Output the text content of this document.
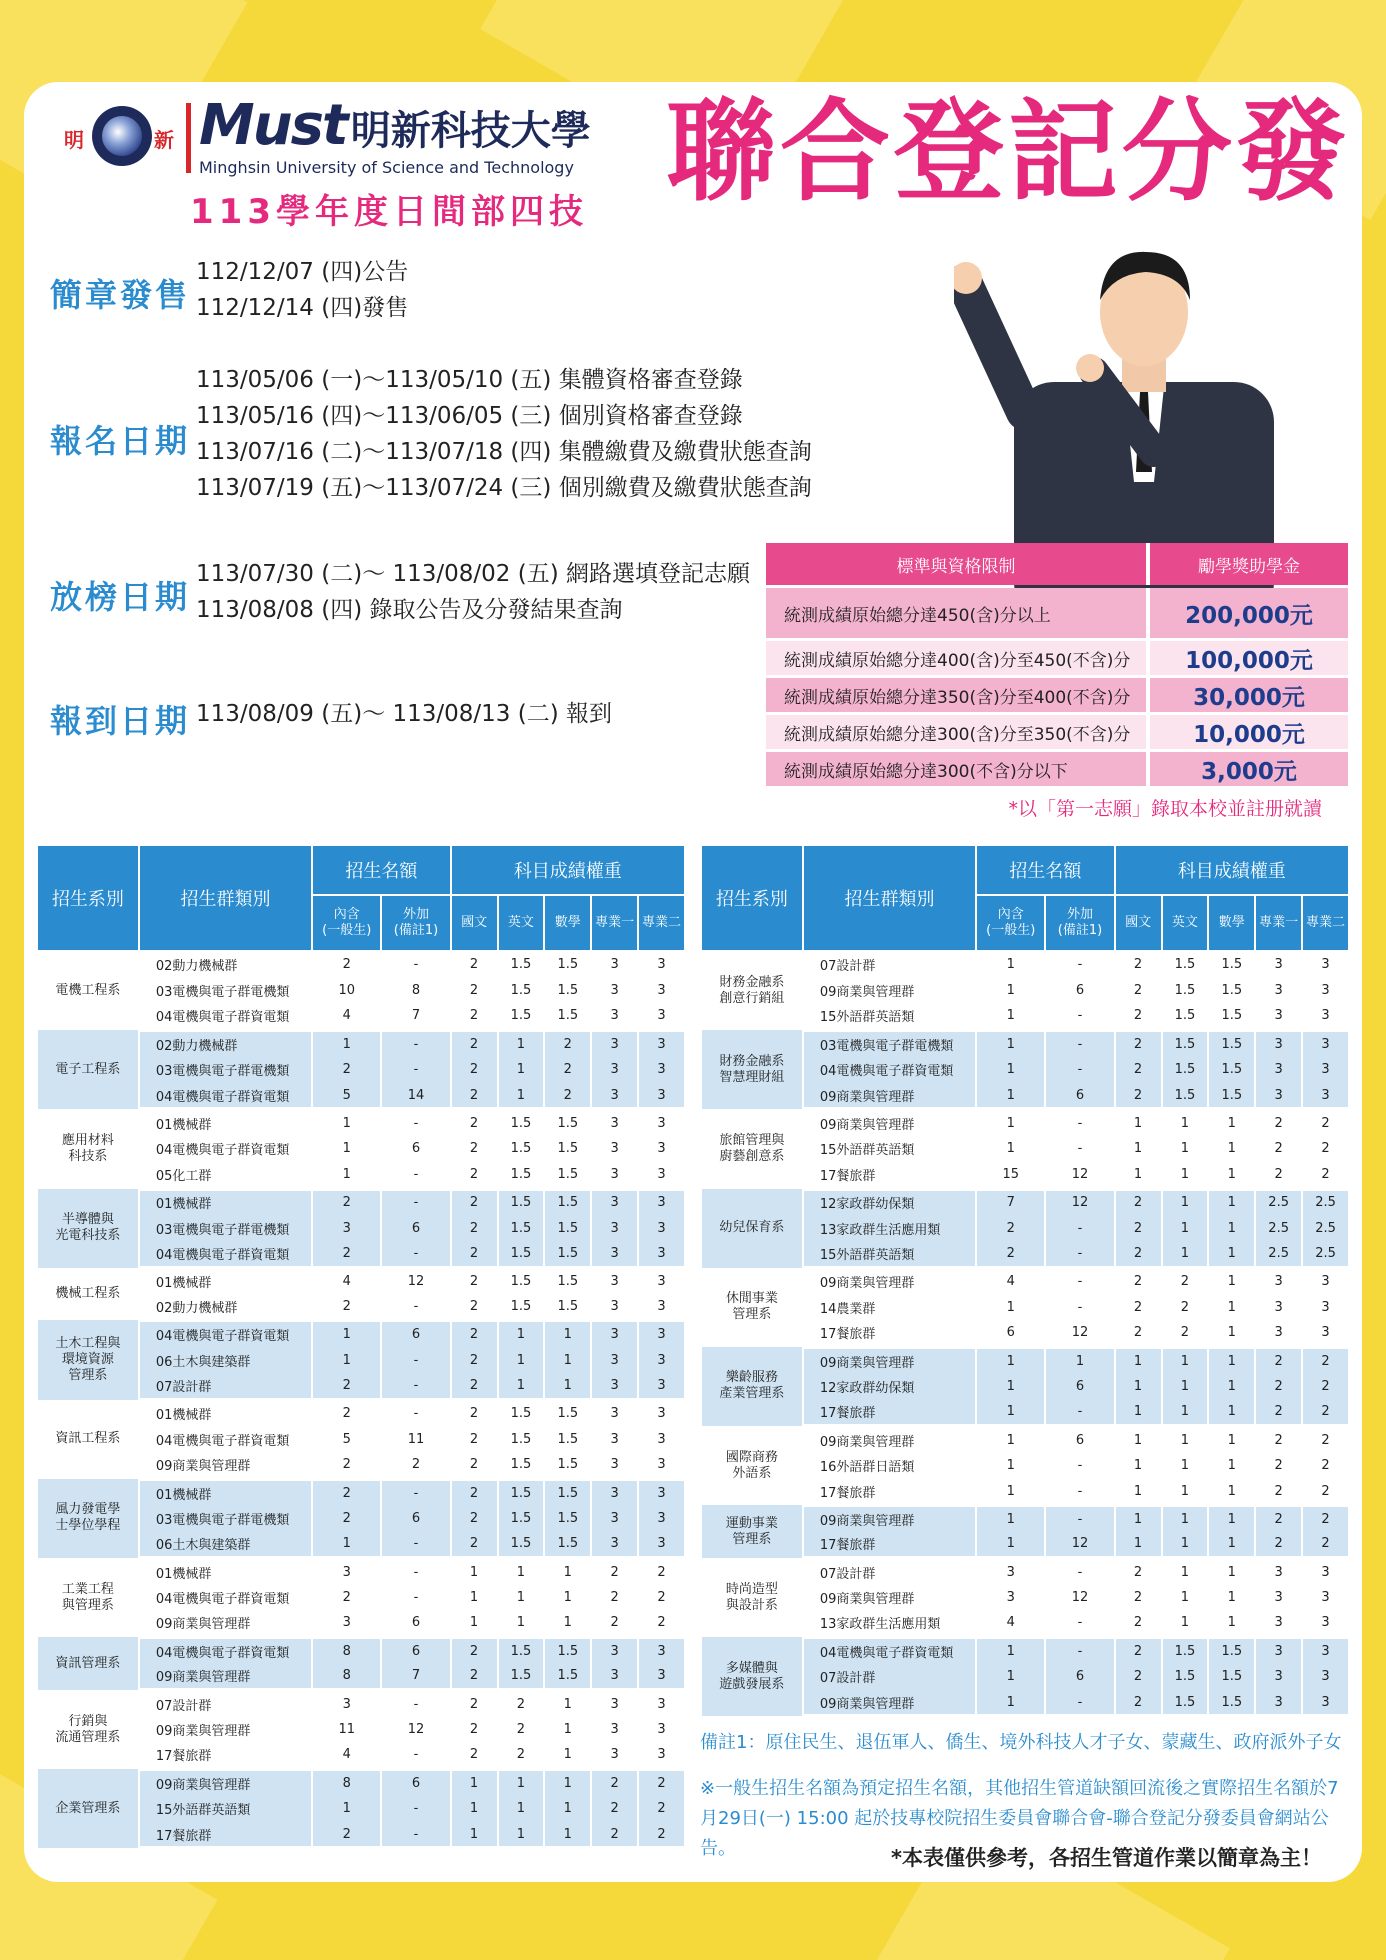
明	新 Must 明新科技大學
Minghsin University of Science and Technology
113學年度日間部四技 聯合登記分發
簡章發售
112/12/07 (四)公告
112/12/14 (四)發售
報名日期
113/05/06 (一)～113/05/10 (五) 集體資格審查登錄
113/05/16 (四)～113/06/05 (三) 個別資格審查登錄
113/07/16 (二)～113/07/18 (四) 集體繳費及繳費狀態查詢
113/07/19 (五)～113/07/24 (三) 個別繳費及繳費狀態查詢
放榜日期
113/07/30 (二)～ 113/08/02 (五) 網路選填登記志願
113/08/08 (四) 錄取公告及分發結果查詢
報到日期 113/08/09 (五)～ 113/08/13 (二) 報到
標準與資格限制	勵學獎助學金
統測成績原始總分達450(含)分以上	200,000元
統測成績原始總分達400(含)分至450(不含)分	100,000元
統測成績原始總分達350(含)分至400(不含)分	30,000元
統測成績原始總分達300(含)分至350(不含)分	10,000元
統測成績原始總分達300(不含)分以下	3,000元
*以「第一志願」錄取本校並註册就讀
招生系別	招生群類別	招生名額		科目成績權重				
		內含
(一般生)	外加
(備註1)	國文	英文	數學	專業一	專業二
電機工程系	02動力機械群	2	-	2	1.5	1.5	3	3
	03電機與電子群電機類	10	8	2	1.5	1.5	3	3
	04電機與電子群資電類	4	7	2	1.5	1.5	3	3
電子工程系	02動力機械群	1	-	2	1	2	3	3
	03電機與電子群電機類	2	-	2	1	2	3	3
	04電機與電子群資電類	5	14	2	1	2	3	3
應用材料
科技系	01機械群	1	-	2	1.5	1.5	3	3
	04電機與電子群資電類	1	6	2	1.5	1.5	3	3
	05化工群	1	-	2	1.5	1.5	3	3
半導體與
光電科技系	01機械群	2	-	2	1.5	1.5	3	3
	03電機與電子群電機類	3	6	2	1.5	1.5	3	3
	04電機與電子群資電類	2	-	2	1.5	1.5	3	3
機械工程系	01機械群	4	12	2	1.5	1.5	3	3
	02動力機械群	2	-	2	1.5	1.5	3	3
土木工程與
環境資源
管理系	04電機與電子群資電類	1	6	2	1	1	3	3
	06土木與建築群	1	-	2	1	1	3	3
	07設計群	2	-	2	1	1	3	3
資訊工程系	01機械群	2	-	2	1.5	1.5	3	3
	04電機與電子群資電類	5	11	2	1.5	1.5	3	3
	09商業與管理群	2	2	2	1.5	1.5	3	3
風力發電學
士學位學程	01機械群	2	-	2	1.5	1.5	3	3
	03電機與電子群電機類	2	6	2	1.5	1.5	3	3
	06土木與建築群	1	-	2	1.5	1.5	3	3
工業工程
與管理系	01機械群	3	-	1	1	1	2	2
	04電機與電子群資電類	2	-	1	1	1	2	2
	09商業與管理群	3	6	1	1	1	2	2
資訊管理系	04電機與電子群資電類	8	6	2	1.5	1.5	3	3
	09商業與管理群	8	7	2	1.5	1.5	3	3
行銷與
流通管理系	07設計群	3	-	2	2	1	3	3
	09商業與管理群	11	12	2	2	1	3	3
	17餐旅群	4	-	2	2	1	3	3
企業管理系	09商業與管理群	8	6	1	1	1	2	2
	15外語群英語類	1	-	1	1	1	2	2
	17餐旅群	2	-	1	1	1	2	2
招生系別	招生群類別	招生名額		科目成績權重				
		內含
(一般生)	外加
(備註1)	國文	英文	數學	專業一	專業二
財務金融系
創意行銷組	07設計群	1	-	2	1.5	1.5	3	3
	09商業與管理群	1	6	2	1.5	1.5	3	3
	15外語群英語類	1	-	2	1.5	1.5	3	3
財務金融系
智慧理財組	03電機與電子群電機類	1	-	2	1.5	1.5	3	3
	04電機與電子群資電類	1	-	2	1.5	1.5	3	3
	09商業與管理群	1	6	2	1.5	1.5	3	3
旅館管理與
廚藝創意系	09商業與管理群	1	-	1	1	1	2	2
	15外語群英語類	1	-	1	1	1	2	2
	17餐旅群	15	12	1	1	1	2	2
幼兒保育系	12家政群幼保類	7	12	2	1	1	2.5	2.5
	13家政群生活應用類	2	-	2	1	1	2.5	2.5
	15外語群英語類	2	-	2	1	1	2.5	2.5
休閒事業
管理系	09商業與管理群	4	-	2	2	1	3	3
	14農業群	1	-	2	2	1	3	3
	17餐旅群	6	12	2	2	1	3	3
樂齡服務
產業管理系	09商業與管理群	1	1	1	1	1	2	2
	12家政群幼保類	1	6	1	1	1	2	2
	17餐旅群	1	-	1	1	1	2	2
國際商務
外語系	09商業與管理群	1	6	1	1	1	2	2
	16外語群日語類	1	-	1	1	1	2	2
	17餐旅群	1	-	1	1	1	2	2
運動事業
管理系	09商業與管理群	1	-	1	1	1	2	2
	17餐旅群	1	12	1	1	1	2	2
時尚造型
與設計系	07設計群	3	-	2	1	1	3	3
	09商業與管理群	3	12	2	1	1	3	3
	13家政群生活應用類	4	-	2	1	1	3	3
多媒體與
遊戲發展系	04電機與電子群資電類	1	-	2	1.5	1.5	3	3
	07設計群	1	6	2	1.5	1.5	3	3
	09商業與管理群	1	-	2	1.5	1.5	3	3
備註1：原住民生、退伍軍人、僑生、境外科技人才子女、蒙藏生、政府派外子女
※一般生招生名額為預定招生名額，其他招生管道缺額回流後之實際招生名額於7月29日(一) 15:00 起於技專校院招生委員會聯合會-聯合登記分發委員會網站公告。	*本表僅供參考，各招生管道作業以簡章為主！
